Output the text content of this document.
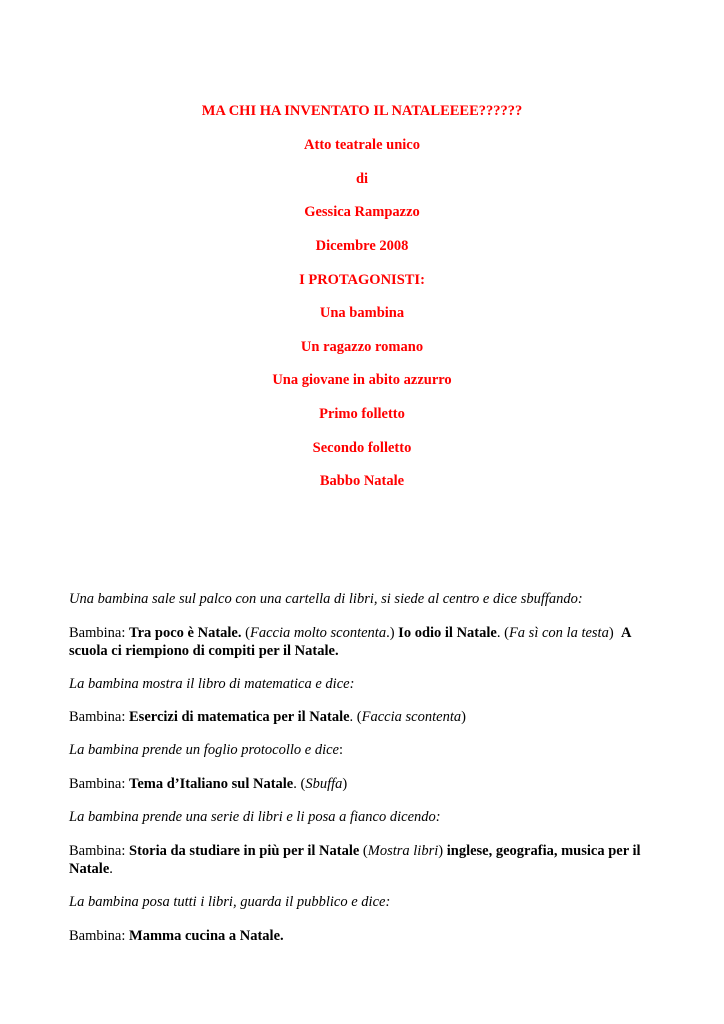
MA CHI HA INVENTATO IL NATALEEEE??????
Atto teatrale unico
di
Gessica Rampazzo
Dicembre 2008
I PROTAGONISTI:
Una bambina
Un ragazzo romano
Una giovane in abito azzurro
Primo folletto
Secondo folletto
Babbo Natale
Una bambina sale sul palco con una cartella di libri, si siede al centro e dice sbuffando:
Bambina: Tra poco è Natale. (Faccia molto scontenta.) Io odio il Natale. (Fa sì con la testa)  A scuola ci riempiono di compiti per il Natale.
La bambina mostra il libro di matematica e dice:
Bambina: Esercizi di matematica per il Natale. (Faccia scontenta)
La bambina prende un foglio protocollo e dice:
Bambina: Tema d’Italiano sul Natale. (Sbuffa)
La bambina prende una serie di libri e li posa a fianco dicendo:
Bambina: Storia da studiare in più per il Natale (Mostra libri) inglese, geografia, musica per il Natale.
La bambina posa tutti i libri, guarda il pubblico e dice:
Bambina: Mamma cucina a Natale.
